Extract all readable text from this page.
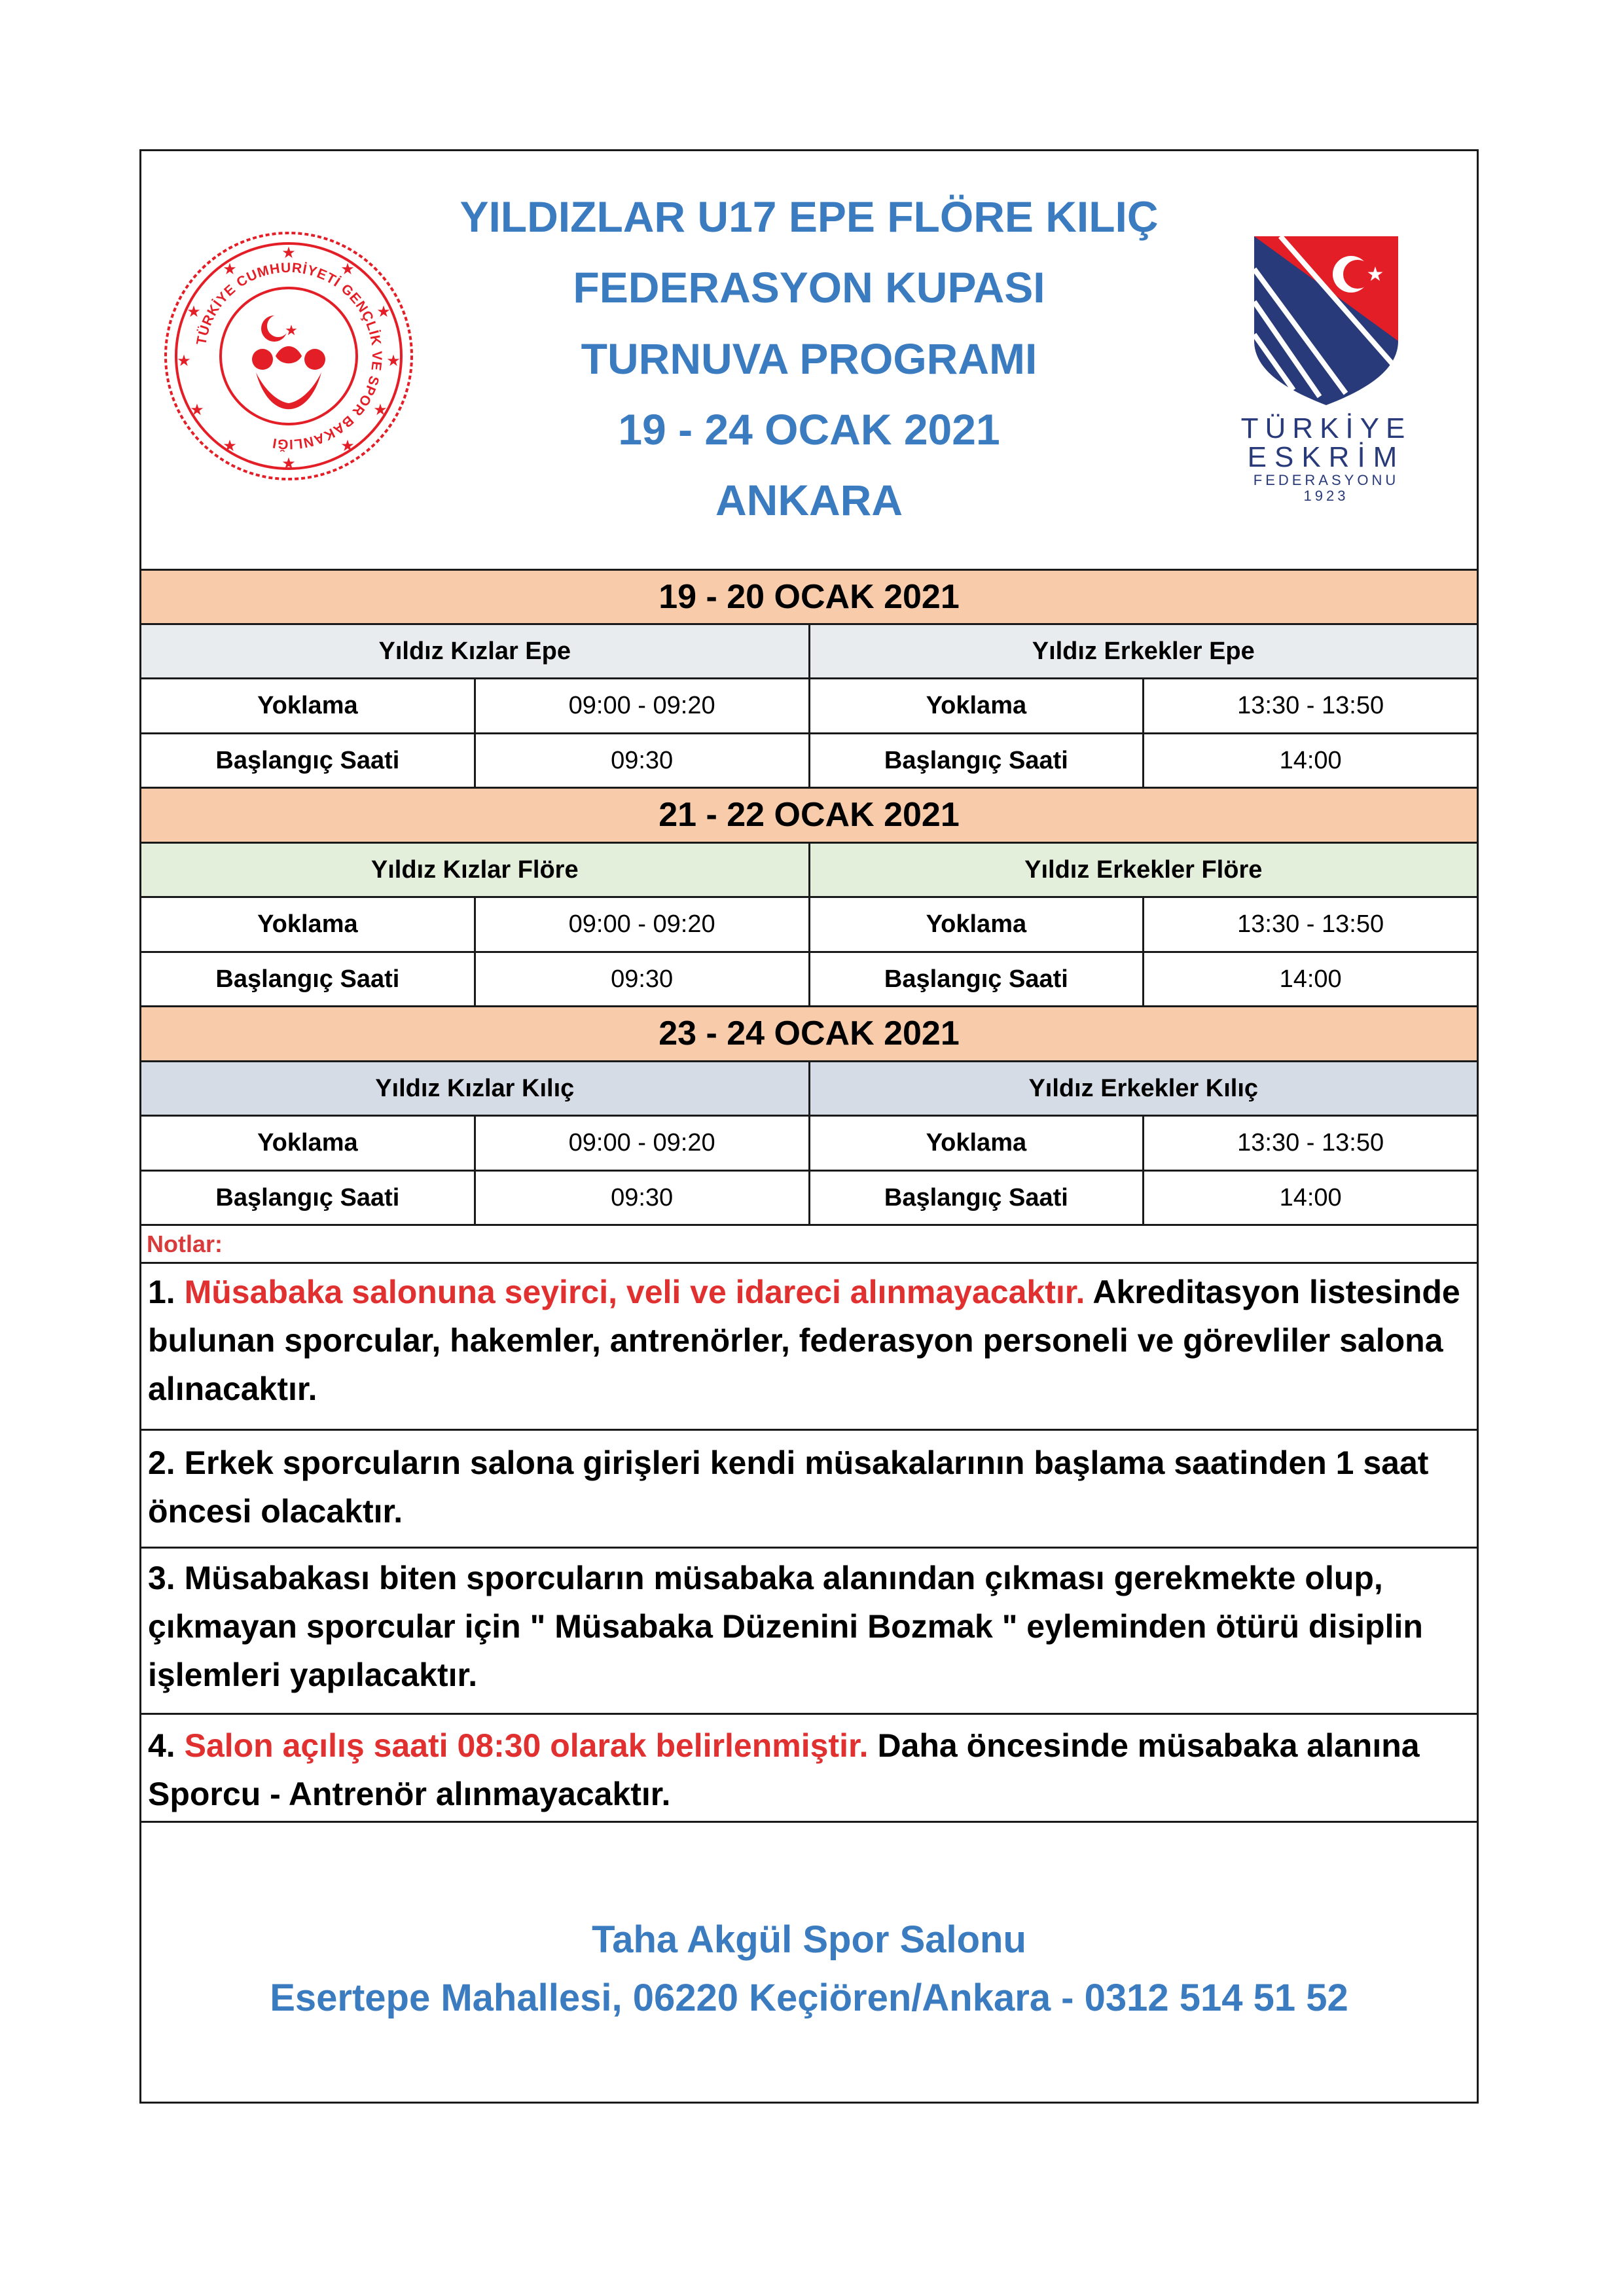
★
★
★
★
★
★
★
★
★
★
★
★
TÜRKİYE CUMHURİYETİ GENÇLİK VE SPOR BAKANLIĞI
★
YILDIZLAR U17 EPE FLÖRE KILIÇ
FEDERASYON KUPASI
TURNUVA PROGRAMI
19 - 24 OCAK 2021
ANKARA
★
TÜRKİYE
ESKRİM
FEDERASYONU
1923
19 - 20 OCAK 2021
Yıldız Kızlar Epe	Yıldız Erkekler Epe
Yoklama	09:00 - 09:20	Yoklama	13:30 - 13:50
Başlangıç Saati	09:30	Başlangıç Saati	14:00
21 - 22 OCAK 2021
Yıldız Kızlar Flöre	Yıldız Erkekler Flöre
Yoklama	09:00 - 09:20	Yoklama	13:30 - 13:50
Başlangıç Saati	09:30	Başlangıç Saati	14:00
23 - 24 OCAK 2021
Yıldız Kızlar Kılıç	Yıldız Erkekler Kılıç
Yoklama	09:00 - 09:20	Yoklama	13:30 - 13:50
Başlangıç Saati	09:30	Başlangıç Saati	14:00
Notlar:
1. Müsabaka salonuna seyirci, veli ve idareci alınmayacaktır. Akreditasyon listesinde bulunan sporcular, hakemler, antrenörler, federasyon personeli ve görevliler salona alınacaktır.
2. Erkek sporcuların salona girişleri kendi müsakalarının başlama saatinden 1 saat öncesi olacaktır.
3. Müsabakası biten sporcuların müsabaka alanından çıkması gerekmekte olup, çıkmayan sporcular için " Müsabaka Düzenini Bozmak " eyleminden ötürü disiplin işlemleri yapılacaktır.
4. Salon açılış saati 08:30 olarak belirlenmiştir. Daha öncesinde müsabaka alanına Sporcu - Antrenör alınmayacaktır.
Taha Akgül Spor Salonu
Esertepe Mahallesi, 06220 Keçiören/Ankara - 0312 514 51 52
